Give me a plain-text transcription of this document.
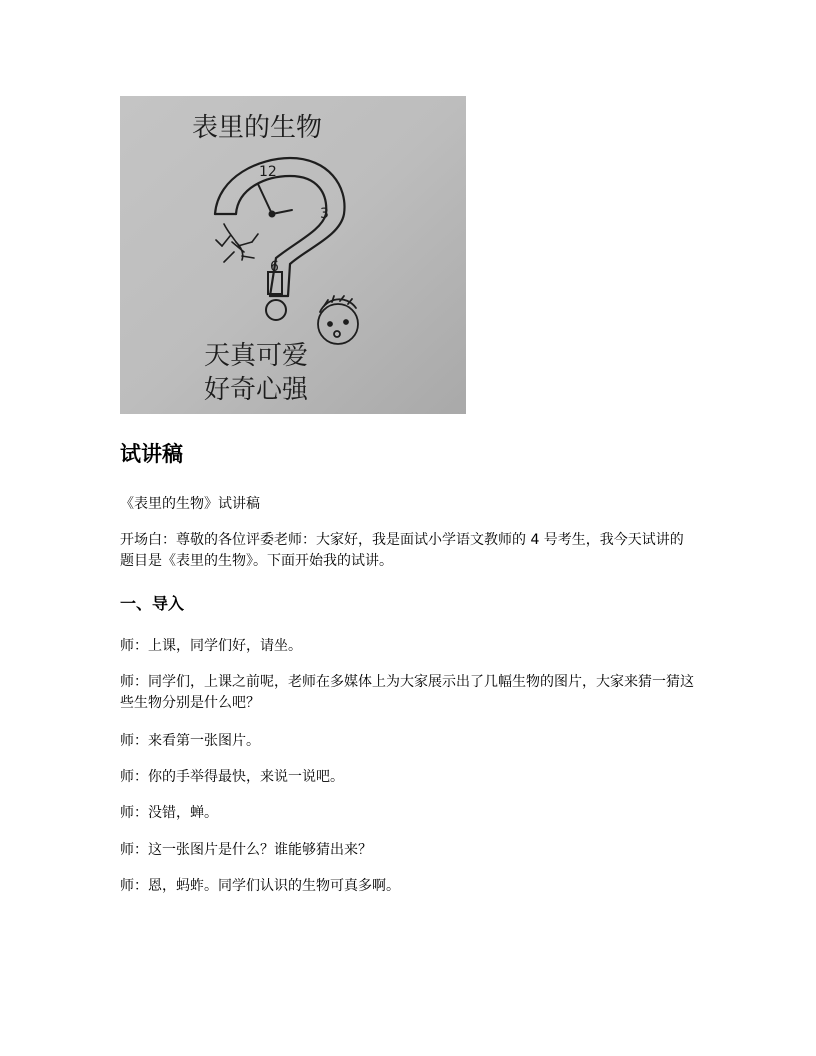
表里的生物
12
3
6
天真可爱
好奇心强
试讲稿

《表里的生物》试讲稿

开场白：尊敬的各位评委老师：大家好，我是面试小学语文教师的 4 号考生，我今天试讲的题目是《表里的生物》。下面开始我的试讲。

一、导入

师：上课，同学们好，请坐。

师：同学们，上课之前呢，老师在多媒体上为大家展示出了几幅生物的图片，大家来猜一猜这些生物分别是什么吧？

师：来看第一张图片。

师：你的手举得最快，来说一说吧。

师：没错，蝉。

师：这一张图片是什么？谁能够猜出来？

师：恩，蚂蚱。同学们认识的生物可真多啊。
